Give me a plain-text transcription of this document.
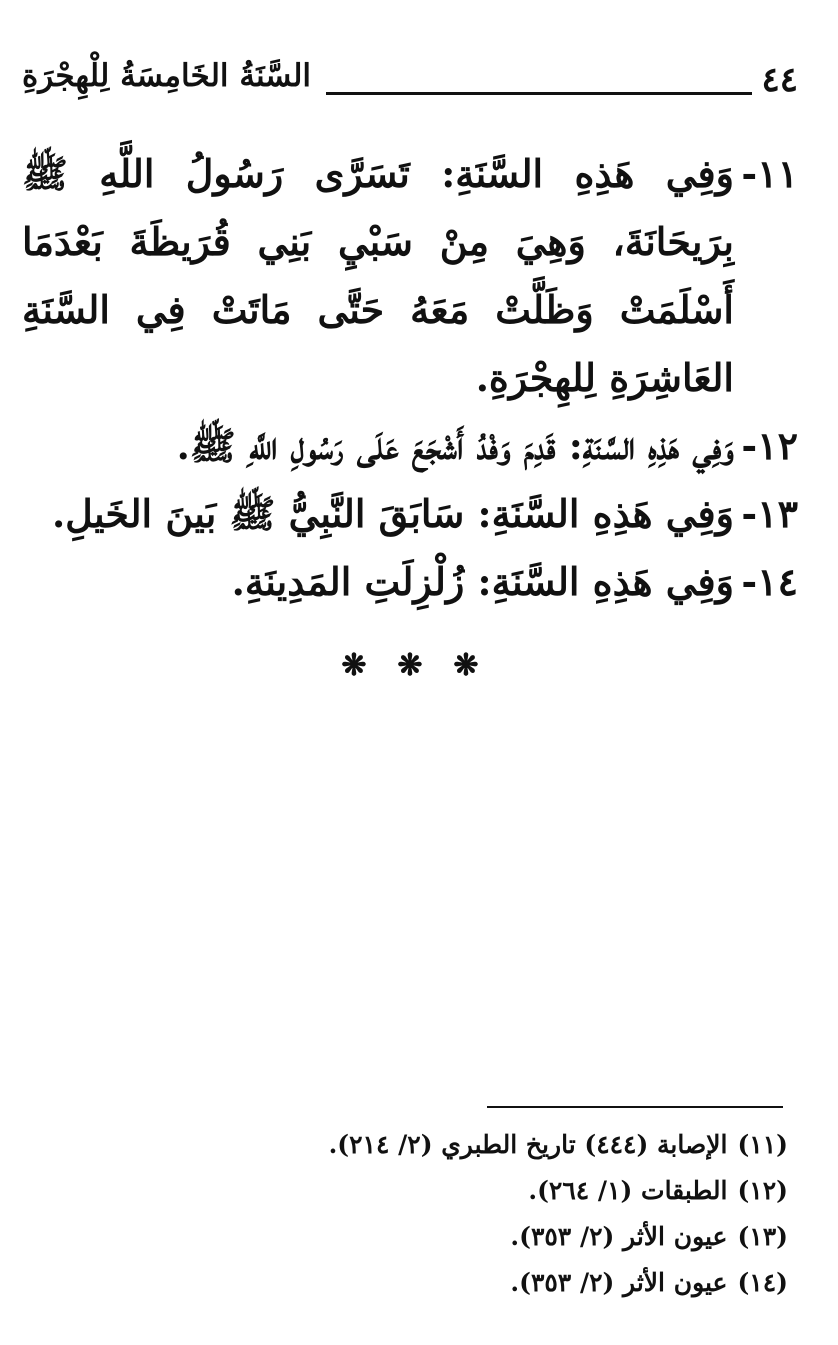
٤٤
السَّنَةُ الخَامِسَةُ لِلْهِجْرَةِ
١١-
وَفِي هَذِهِ السَّنَةِ: تَسَرَّى رَسُولُ اللَّهِ ﷺ بِرَيحَانَةَ، وَهِيَ مِنْ سَبْيِ بَنِي قُرَيظَةَ بَعْدَمَا أَسْلَمَتْ وَظَلَّتْ مَعَهُ حَتَّى مَاتَتْ فِي السَّنَةِ العَاشِرَةِ لِلهِجْرَةِ.
١٢-
وَفِي هَذِهِ السَّنَةِ: قَدِمَ وَفْدُ أَشْجَعَ عَلَى رَسُولِ اللَّهِ ﷺ.
١٣-
وَفِي هَذِهِ السَّنَةِ: سَابَقَ النَّبِيُّ ﷺ بَينَ الخَيلِ.
١٤-
وَفِي هَذِهِ السَّنَةِ: زُلْزِلَتِ المَدِينَةِ.
❋ ❋ ❋
(١١)الإصابة (٤٤٤) تاريخ الطبري (٢/ ٢١٤).
(١٢)الطبقات (١/ ٢٦٤).
(١٣)عيون الأثر (٢/ ٣٥٣).
(١٤)عيون الأثر (٢/ ٣٥٣).
